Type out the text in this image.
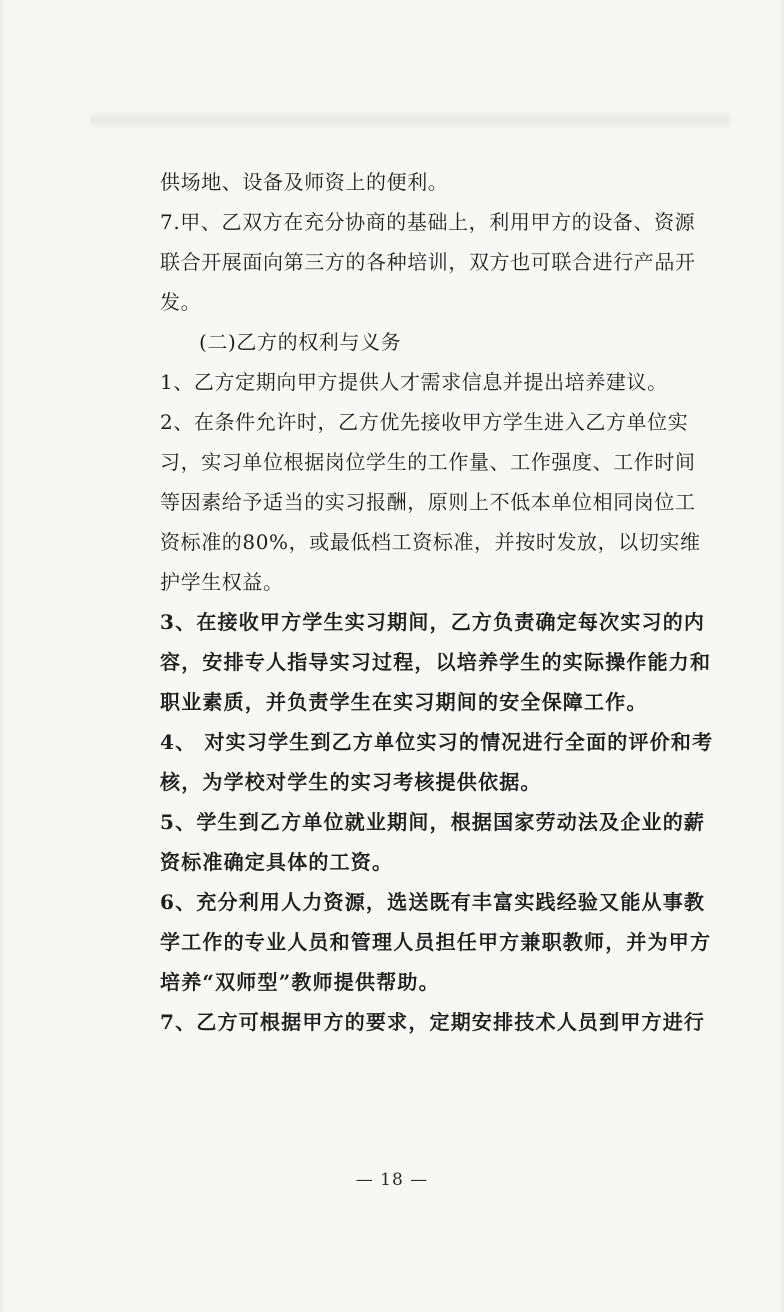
供场地、设备及师资上的便利。
7.甲、乙双方在充分协商的基础上，利用甲方的设备、资源
联合开展面向第三方的各种培训，双方也可联合进行产品开
发。
(二)乙方的权利与义务
1、乙方定期向甲方提供人才需求信息并提出培养建议。
2、在条件允许时，乙方优先接收甲方学生进入乙方单位实
习，实习单位根据岗位学生的工作量、工作强度、工作时间
等因素给予适当的实习报酬，原则上不低本单位相同岗位工
资标准的80%，或最低档工资标准，并按时发放，以切实维
护学生权益。
3、在接收甲方学生实习期间，乙方负责确定每次实习的内
容，安排专人指导实习过程，以培养学生的实际操作能力和
职业素质，并负责学生在实习期间的安全保障工作。
4、 对实习学生到乙方单位实习的情况进行全面的评价和考
核，为学校对学生的实习考核提供依据。
5、学生到乙方单位就业期间，根据国家劳动法及企业的薪
资标准确定具体的工资。
6、充分利用人力资源，选送既有丰富实践经验又能从事教
学工作的专业人员和管理人员担任甲方兼职教师，并为甲方
培养“双师型”教师提供帮助。
7、乙方可根据甲方的要求，定期安排技术人员到甲方进行
— 18 —
